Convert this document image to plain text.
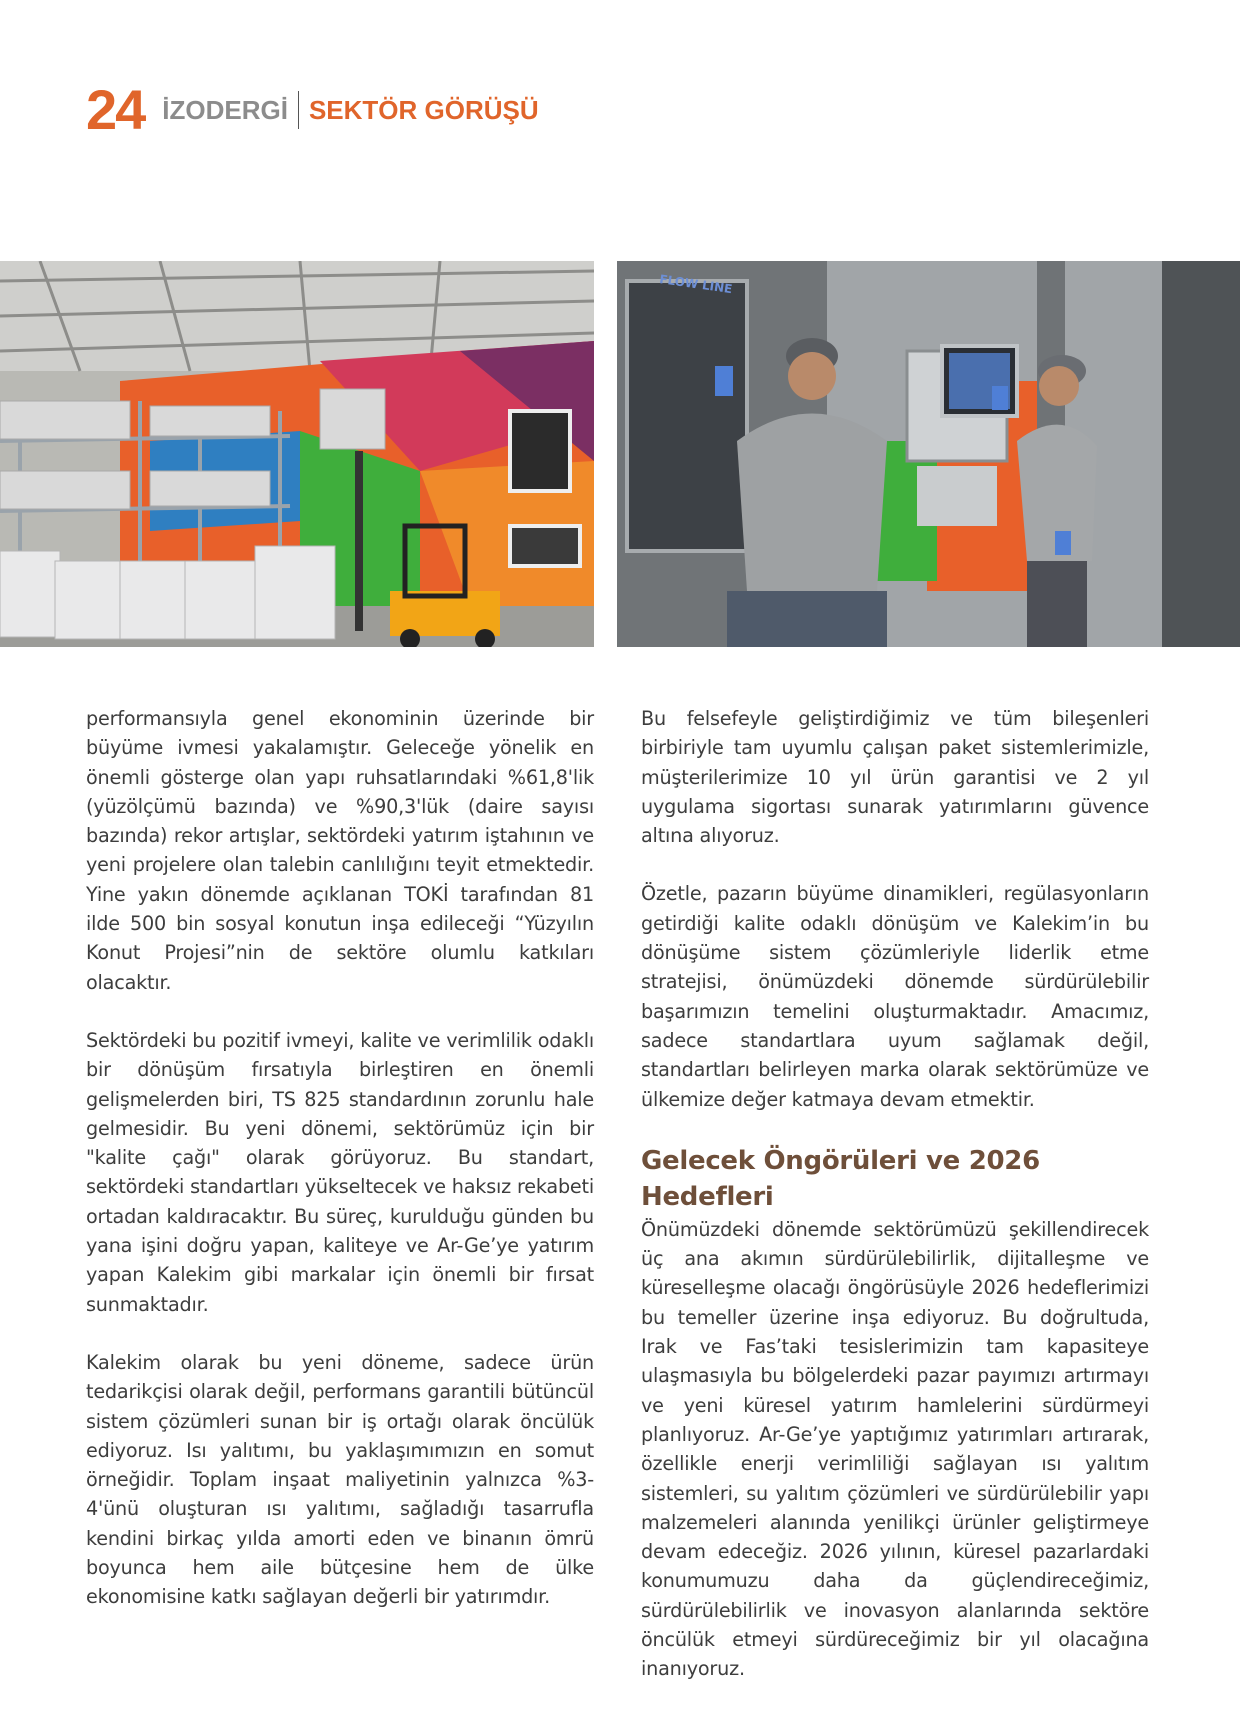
24 İZODERGİ SEKTÖR GÖRÜŞÜ
FLOW LINE

performansıyla genel ekonominin üzerinde bir büyüme ivmesi yakalamıştır. Geleceğe yönelik en önemli gösterge olan yapı ruhsatlarındaki %61,8'lik (yüzölçümü bazında) ve %90,3'lük (daire sayısı bazında) rekor artışlar, sektördeki yatırım iştahının ve yeni projelere olan talebin canlılığını teyit etmektedir. Yine yakın dönemde açıklanan TOKİ tarafından 81 ilde 500 bin sosyal konutun inşa edileceği “Yüzyılın Konut Projesi”nin de sektöre olumlu katkıları olacaktır.

Sektördeki bu pozitif ivmeyi, kalite ve verimlilik odaklı bir dönüşüm fırsatıyla birleştiren en önemli gelişmelerden biri, TS 825 standardının zorunlu hale gelmesidir. Bu yeni dönemi, sektörümüz için bir "kalite çağı" olarak görüyoruz. Bu standart, sektördeki standartları yükseltecek ve haksız rekabeti ortadan kaldıracaktır. Bu süreç, kurulduğu günden bu yana işini doğru yapan, kaliteye ve Ar-Ge’ye yatırım yapan Kalekim gibi markalar için önemli bir fırsat sunmaktadır.

Kalekim olarak bu yeni döneme, sadece ürün tedarikçisi olarak değil, performans garantili bütüncül sistem çözümleri sunan bir iş ortağı olarak öncülük ediyoruz. Isı yalıtımı, bu yaklaşımımızın en somut örneğidir. Toplam inşaat maliyetinin yalnızca %3-4'ünü oluşturan ısı yalıtımı, sağladığı tasarrufla kendini birkaç yılda amorti eden ve binanın ömrü boyunca hem aile bütçesine hem de ülke ekonomisine katkı sağlayan değerli bir yatırımdır.

Bu felsefeyle geliştirdiğimiz ve tüm bileşenleri birbiriyle tam uyumlu çalışan paket sistemlerimizle, müşterilerimize 10 yıl ürün garantisi ve 2 yıl uygulama sigortası sunarak yatırımlarını güvence altına alıyoruz.

Özetle, pazarın büyüme dinamikleri, regülasyonların getirdiği kalite odaklı dönüşüm ve Kalekim’in bu dönüşüme sistem çözümleriyle liderlik etme stratejisi, önümüzdeki dönemde sürdürülebilir başarımızın temelini oluşturmaktadır. Amacımız, sadece standartlara uyum sağlamak değil, standartları belirleyen marka olarak sektörümüze ve ülkemize değer katmaya devam etmektir.

Gelecek Öngörüleri ve 2026 Hedefleri

Önümüzdeki dönemde sektörümüzü şekillendirecek üç ana akımın sürdürülebilirlik, dijitalleşme ve küreselleşme olacağı öngörüsüyle 2026 hedeflerimizi bu temeller üzerine inşa ediyoruz. Bu doğrultuda, Irak ve Fas’taki tesislerimizin tam kapasiteye ulaşmasıyla bu bölgelerdeki pazar payımızı artırmayı ve yeni küresel yatırım hamlelerini sürdürmeyi planlıyoruz. Ar-Ge’ye yaptığımız yatırımları artırarak, özellikle enerji verimliliği sağlayan ısı yalıtım sistemleri, su yalıtım çözümleri ve sürdürülebilir yapı malzemeleri alanında yenilikçi ürünler geliştirmeye devam edeceğiz. 2026 yılının, küresel pazarlardaki konumumuzu daha da güçlendireceğimiz, sürdürülebilirlik ve inovasyon alanlarında sektöre öncülük etmeyi sürdüreceğimiz bir yıl olacağına inanıyoruz.
